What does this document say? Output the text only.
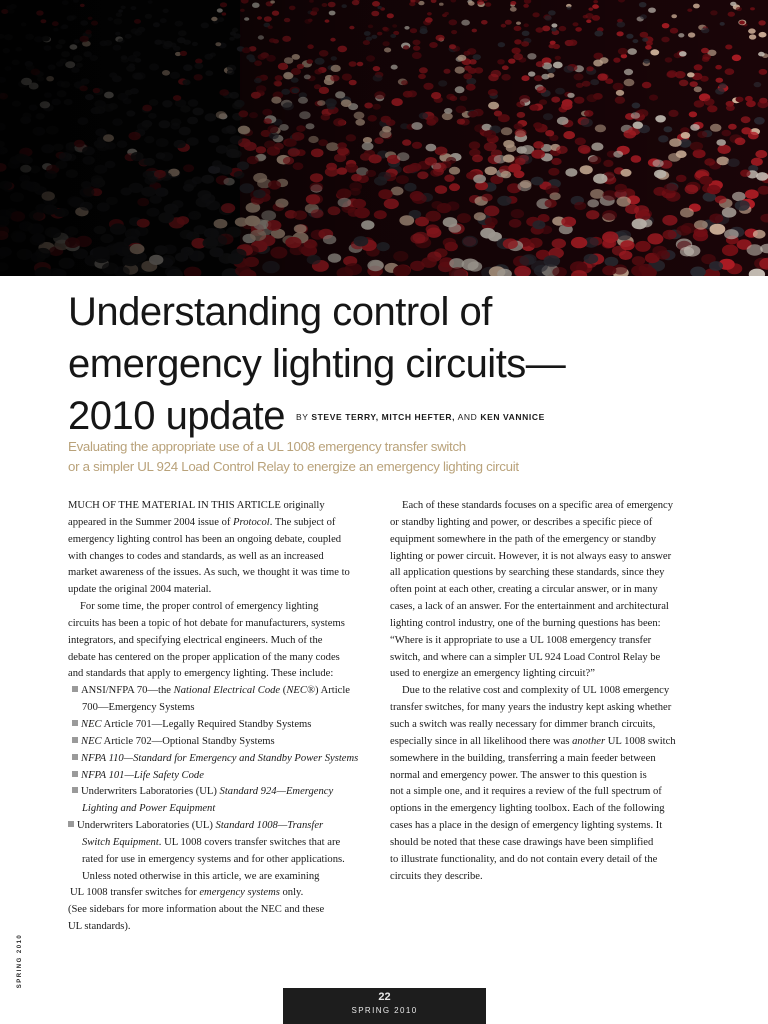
Understanding control of
emergency lighting circuits—
2010 update	BY STEVE TERRY, MITCH HEFTER, AND KEN VANNICE
Evaluating the appropriate use of a UL 1008 emergency transfer switch
or a simpler UL 924 Load Control Relay to energize an emergency lighting circuit

MUCH OF THE MATERIAL IN THIS ARTICLE originally
appeared in the Summer 2004 issue of Protocol. The subject of
emergency lighting control has been an ongoing debate, coupled
with changes to codes and standards, as well as an increased
market awareness of the issues. As such, we thought it was time to
update the original 2004 material.

For some time, the proper control of emergency lighting
circuits has been a topic of hot debate for manufacturers, systems
integrators, and specifying electrical engineers. Much of the
debate has centered on the proper application of the many codes
and standards that apply to emergency lighting. These include:

ANSI/NFPA 70—the National Electrical Code (NEC®) Article
700—Emergency Systems
NEC Article 701—Legally Required Standby Systems
NEC Article 702—Optional Standby Systems
NFPA 110—Standard for Emergency and Standby Power Systems
NFPA 101—Life Safety Code
Underwriters Laboratories (UL) Standard 924—Emergency
Lighting and Power Equipment
Underwriters Laboratories (UL) Standard 1008—Transfer
Switch Equipment. UL 1008 covers transfer switches that are
rated for use in emergency systems and for other applications.
Unless noted otherwise in this article, we are examining
UL 1008 transfer switches for emergency systems only.

(See sidebars for more information about the NEC and these
UL standards).

Each of these standards focuses on a specific area of emergency
or standby lighting and power, or describes a specific piece of
equipment somewhere in the path of the emergency or standby
lighting or power circuit. However, it is not always easy to answer
all application questions by searching these standards, since they
often point at each other, creating a circular answer, or in many
cases, a lack of an answer. For the entertainment and architectural
lighting control industry, one of the burning questions has been:
“Where is it appropriate to use a UL 1008 emergency transfer
switch, and where can a simpler UL 924 Load Control Relay be
used to energize an emergency lighting circuit?”

Due to the relative cost and complexity of UL 1008 emergency
transfer switches, for many years the industry kept asking whether
such a switch was really necessary for dimmer branch circuits,
especially since in all likelihood there was another UL 1008 switch
somewhere in the building, transferring a main feeder between
normal and emergency power. The answer to this question is
not a simple one, and it requires a review of the full spectrum of
options in the emergency lighting toolbox. Each of the following
cases has a place in the design of emergency lighting systems. It
should be noted that these case drawings have been simplified
to illustrate functionality, and do not contain every detail of the
circuits they describe.

SPRING 2010
22
SPRING 2010
